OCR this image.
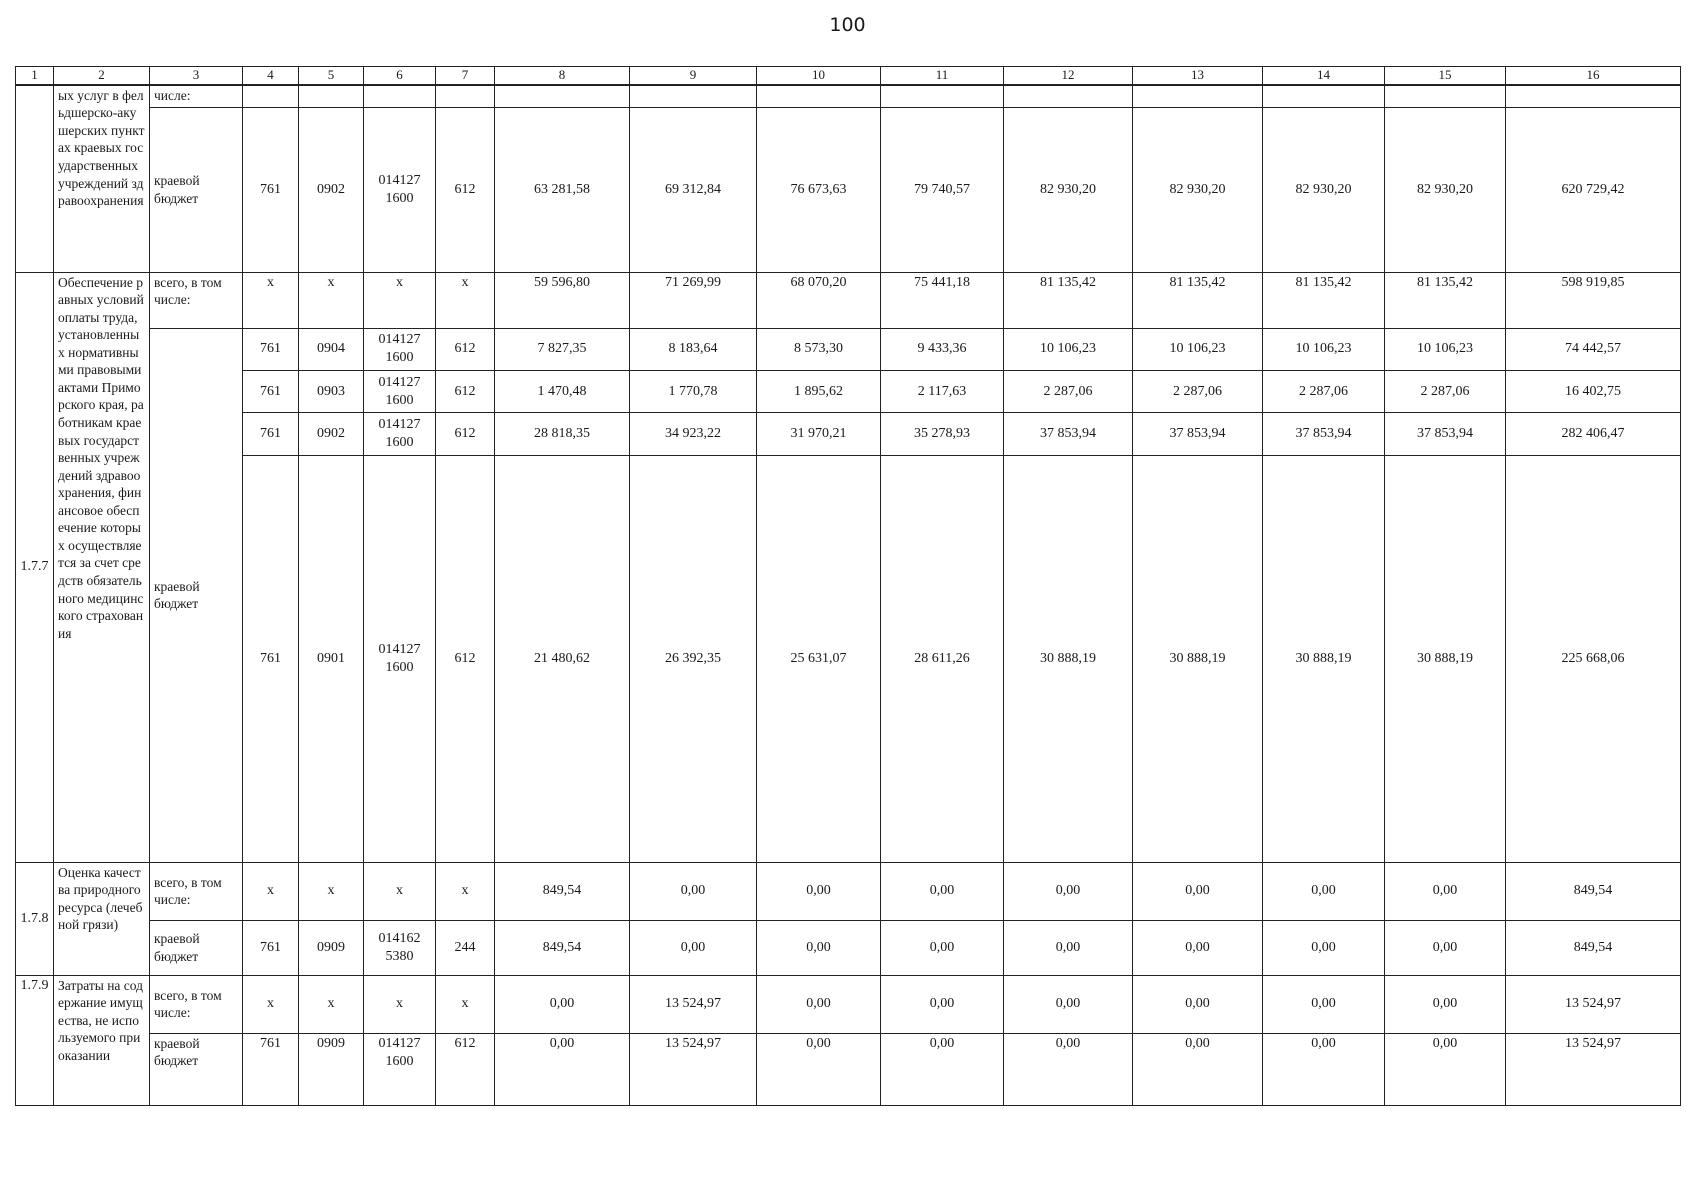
100
1	2	3	4	5	6	7	8	9	10	11	12	13	14	15	16
	ых услуг в фельдшерско-акушерских пунктах краевых государственных учреждений здравоохранения	числе:													
		краевой бюджет	761	0902	014127 1600	612	63 281,58	69 312,84	76 673,63	79 740,57	82 930,20	82 930,20	82 930,20	82 930,20	620 729,42
1.7.7	Обеспечение равных условий оплаты труда, установленных нормативными правовыми актами Приморского края, работникам краевых государственных учреждений здравоохранения, финансовое обеспечение которых осуществляется за счет средств обязательного медицинского страхования	всего, в том числе:	х	х	х	х	59 596,80	71 269,99	68 070,20	75 441,18	81 135,42	81 135,42	81 135,42	81 135,42	598 919,85
		краевой бюджет	761	0904	014127 1600	612	7 827,35	8 183,64	8 573,30	9 433,36	10 106,23	10 106,23	10 106,23	10 106,23	74 442,57
			761	0903	014127 1600	612	1 470,48	1 770,78	1 895,62	2 117,63	2 287,06	2 287,06	2 287,06	2 287,06	16 402,75
			761	0902	014127 1600	612	28 818,35	34 923,22	31 970,21	35 278,93	37 853,94	37 853,94	37 853,94	37 853,94	282 406,47
			761	0901	014127 1600	612	21 480,62	26 392,35	25 631,07	28 611,26	30 888,19	30 888,19	30 888,19	30 888,19	225 668,06
1.7.8	Оценка качества природного ресурса (лечебной грязи)	всего, в том числе:	х	х	х	х	849,54	0,00	0,00	0,00	0,00	0,00	0,00	0,00	849,54
		краевой бюджет	761	0909	014162 5380	244	849,54	0,00	0,00	0,00	0,00	0,00	0,00	0,00	849,54
1.7.9	Затраты на содержание имущества, не используемого при оказании	всего, в том числе:	х	х	х	х	0,00	13 524,97	0,00	0,00	0,00	0,00	0,00	0,00	13 524,97
		краевой бюджет	761	0909	014127 1600	612	0,00	13 524,97	0,00	0,00	0,00	0,00	0,00	0,00	13 524,97
